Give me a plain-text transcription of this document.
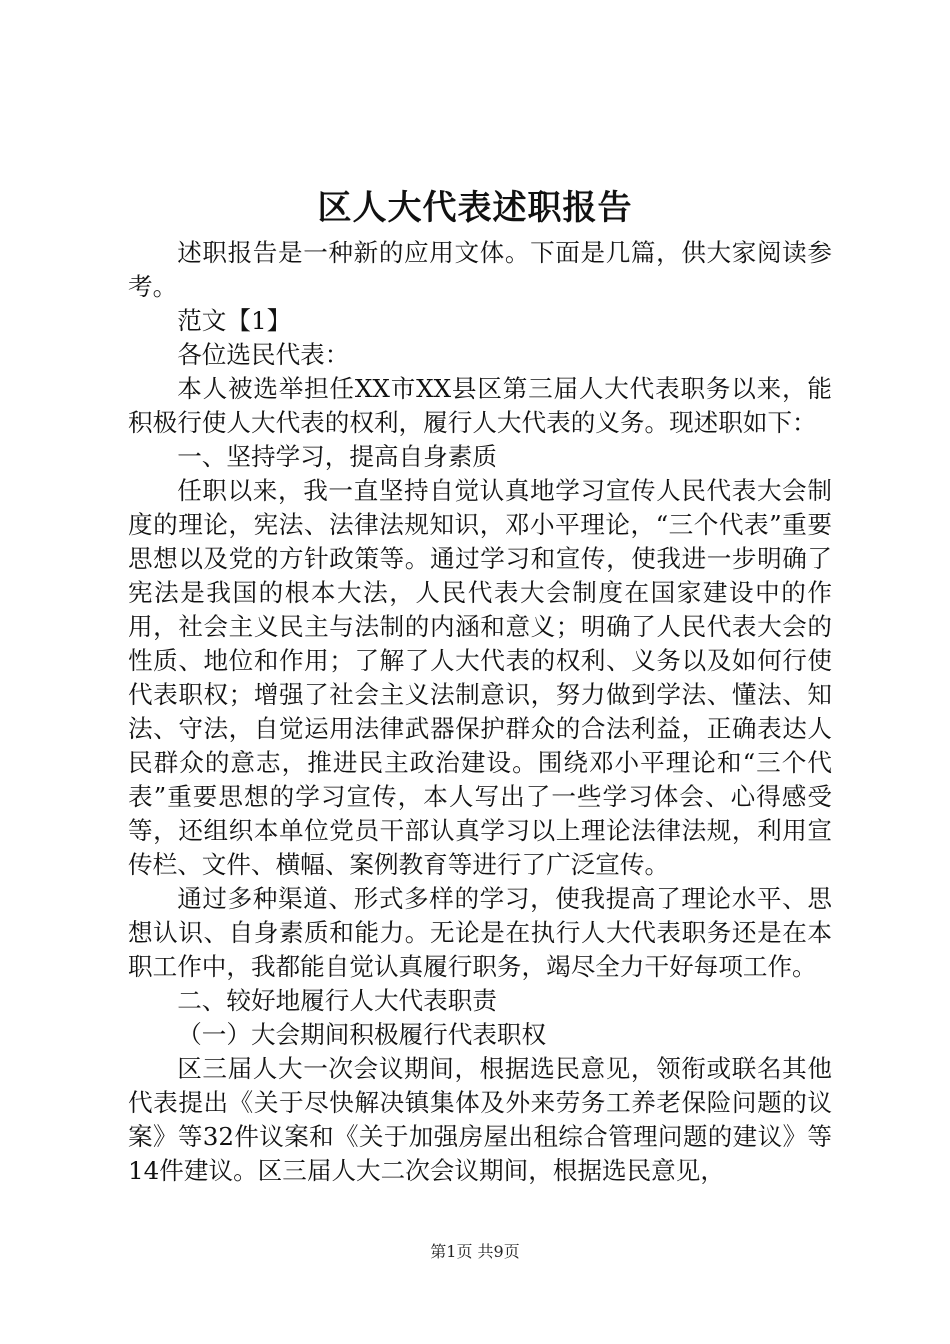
区人大代表述职报告

述职报告是一种新的应用文体。下面是几篇，供大家阅读参考。

范文【1】

各位选民代表：

本人被选举担任XX市XX县区第三届人大代表职务以来，能积极行使人大代表的权利，履行人大代表的义务。现述职如下：

一、坚持学习，提高自身素质

任职以来，我一直坚持自觉认真地学习宣传人民代表大会制度的理论，宪法、法律法规知识，邓小平理论，“三个代表”重要思想以及党的方针政策等。通过学习和宣传，使我进一步明确了宪法是我国的根本大法，人民代表大会制度在国家建设中的作用，社会主义民主与法制的内涵和意义；明确了人民代表大会的性质、地位和作用；了解了人大代表的权利、义务以及如何行使代表职权；增强了社会主义法制意识，努力做到学法、懂法、知法、守法，自觉运用法律武器保护群众的合法利益，正确表达人民群众的意志，推进民主政治建设。围绕邓小平理论和“三个代表”重要思想的学习宣传，本人写出了一些学习体会、心得感受等，还组织本单位党员干部认真学习以上理论法律法规，利用宣传栏、文件、横幅、案例教育等进行了广泛宣传。

通过多种渠道、形式多样的学习，使我提高了理论水平、思想认识、自身素质和能力。无论是在执行人大代表职务还是在本职工作中，我都能自觉认真履行职务，竭尽全力干好每项工作。

二、较好地履行人大代表职责

（一）大会期间积极履行代表职权

区三届人大一次会议期间，根据选民意见，领衔或联名其他代表提出《关于尽快解决镇集体及外来劳务工养老保险问题的议案》等32件议案和《关于加强房屋出租综合管理问题的建议》等14件建议。区三届人大二次会议期间，根据选民意见，

第1页 共9页
